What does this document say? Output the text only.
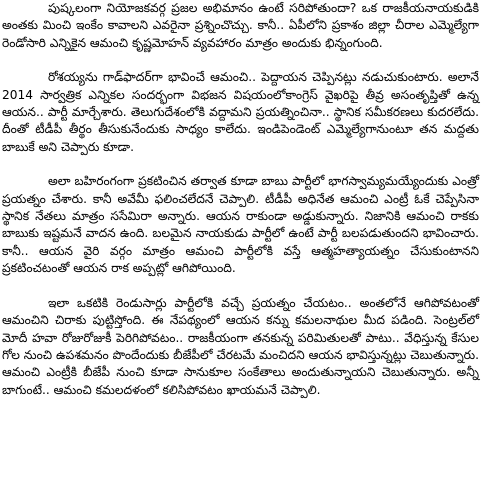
పుష్కలంగా నియోజకవర్గ ప్రజల అభిమానం ఉంటే సరిపోతుందా? ఒక రాజకీయనాయకుడికి అంతకు మించి ఇంకేం కావాలని ఎవరైనా ప్రశ్నించొచ్చు. కానీ.. ఏపీలోని ప్రకాశం జిల్లా చీరాల ఎమ్మెల్యేగా రెండోసారి ఎన్నికైన ఆమంచి కృష్ణమోహన్ వ్యవహారం మాత్రం అందుకు భిన్నంగుంది.

రోశయ్యను గాడ్‌ఫాదర్‌గా భావించే ఆమంచి.. పెద్దాయన చెప్పినట్లు నడుచుకుంటారు. అలానే 2014 సార్వత్రిక ఎన్నికల సందర్భంగా విభజన విషయంలోకాంగ్రెస్ వైఖరిపై తీవ్ర అసంతృప్తితో ఉన్న ఆయన.. పార్టీ మార్చేశారు. తెలుగుదేశంలోకి వద్దామని ప్రయత్నించినా.. స్థానిక సమీకరణలు కుదరలేదు. దీంతో టీడీపీ తీర్థం తీసుకునేందుకు సాధ్యం కాలేదు. ఇండిపెండెంట్ ఎమ్మెల్యేగానుంటూ తన మద్దతు బాబుకే అని చెప్పారు కూడా.

అలా బహిరంగంగా ప్రకటించిన తర్వాత కూడా బాబు పార్టీలో భాగస్వామ్యమయ్యేందుకు ఎంత్రో ప్రయత్నం చేశారు. కానీ అవేమీ ఫలించలేదనే చెప్పాలి. టీడీపీ అధినేత ఆమంచి ఎంట్రీ ఓకే చెప్పేసినా స్థానిక నేతలు మాత్రం ససేమిరా అన్నారు. ఆయన రాకుండా అడ్డుకున్నారు. నిజానికి ఆమంచి రాకకు బాబుకు ఇష్టమనే వాదన ఉంది. బలమైన నాయకుడు పార్టీలో ఉంటే పార్టీ బలపడుతుందని భావించారు. కానీ.. ఆయన వైరి వర్గం మాత్రం ఆమంచి పార్టీలోకి వస్తే ఆత్మహత్యాయత్నం చేసుకుంటానని ప్రకటించటంతో ఆయన రాక అప్పట్లో ఆగిపోయింది.

ఇలా ఒకటికి రెండుసార్లు పార్టీలోకి వచ్చే ప్రయత్నం చేయటం.. అంతలోనే ఆగిపోవటంతో ఆమంచిని చిరాకు పుట్టిస్తోంది. ఈ నేపథ్యంలో ఆయన కన్ను కమలనాథుల మీద పడింది. సెంట్రల్‌లో మోదీ హవా రోజురోజుకీ పెరిగిపోవటం.. రాజకీయంగా తనకున్న పరిమితులతో పాటు.. వేధిస్తున్న కేసుల గోల నుంచి ఉపశమనం పొందేందుకు బీజేపీలో చేరటమే మంచిదని ఆయన భావిస్తున్నట్లు చెబుతున్నారు. ఆమంచి ఎంట్రీకి బీజేపీ నుంచి కూడా సానుకూల సంకేతాలు అందుతున్నాయని చెబుతున్నారు. అన్నీ బాగుంటే.. ఆమంచి కమలదళంలో కలిసిపోవటం ఖాయమనే చెప్పాలి.
